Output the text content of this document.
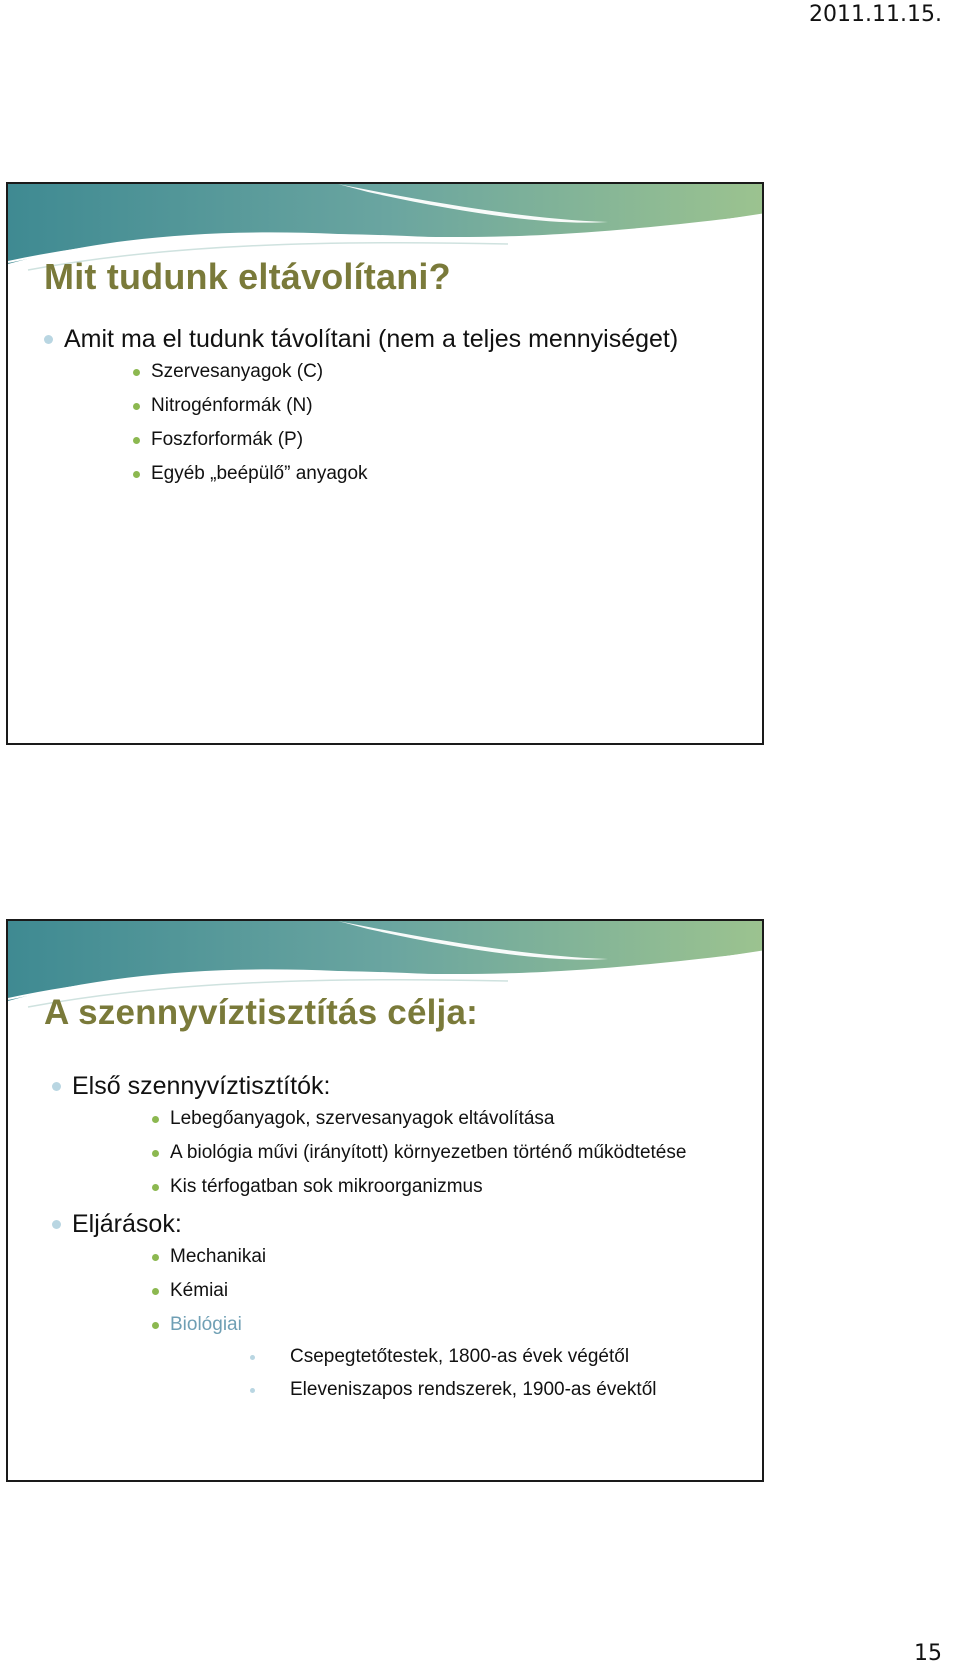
2011.11.15.
Mit tudunk eltávolítani?
Amit ma el tudunk távolítani (nem a teljes mennyiséget)
Szervesanyagok (C)
Nitrogénformák (N)
Foszforformák (P)
Egyéb „beépülő” anyagok
A szennyvíztisztítás célja:
Első szennyvíztisztítók:
Lebegőanyagok, szervesanyagok eltávolítása
A biológia művi (irányított) környezetben történő működtetése
Kis térfogatban sok mikroorganizmus
Eljárások:
Mechanikai
Kémiai
Biológiai
Csepegtetőtestek, 1800-as évek végétől
Eleveniszapos rendszerek, 1900-as évektől
15
